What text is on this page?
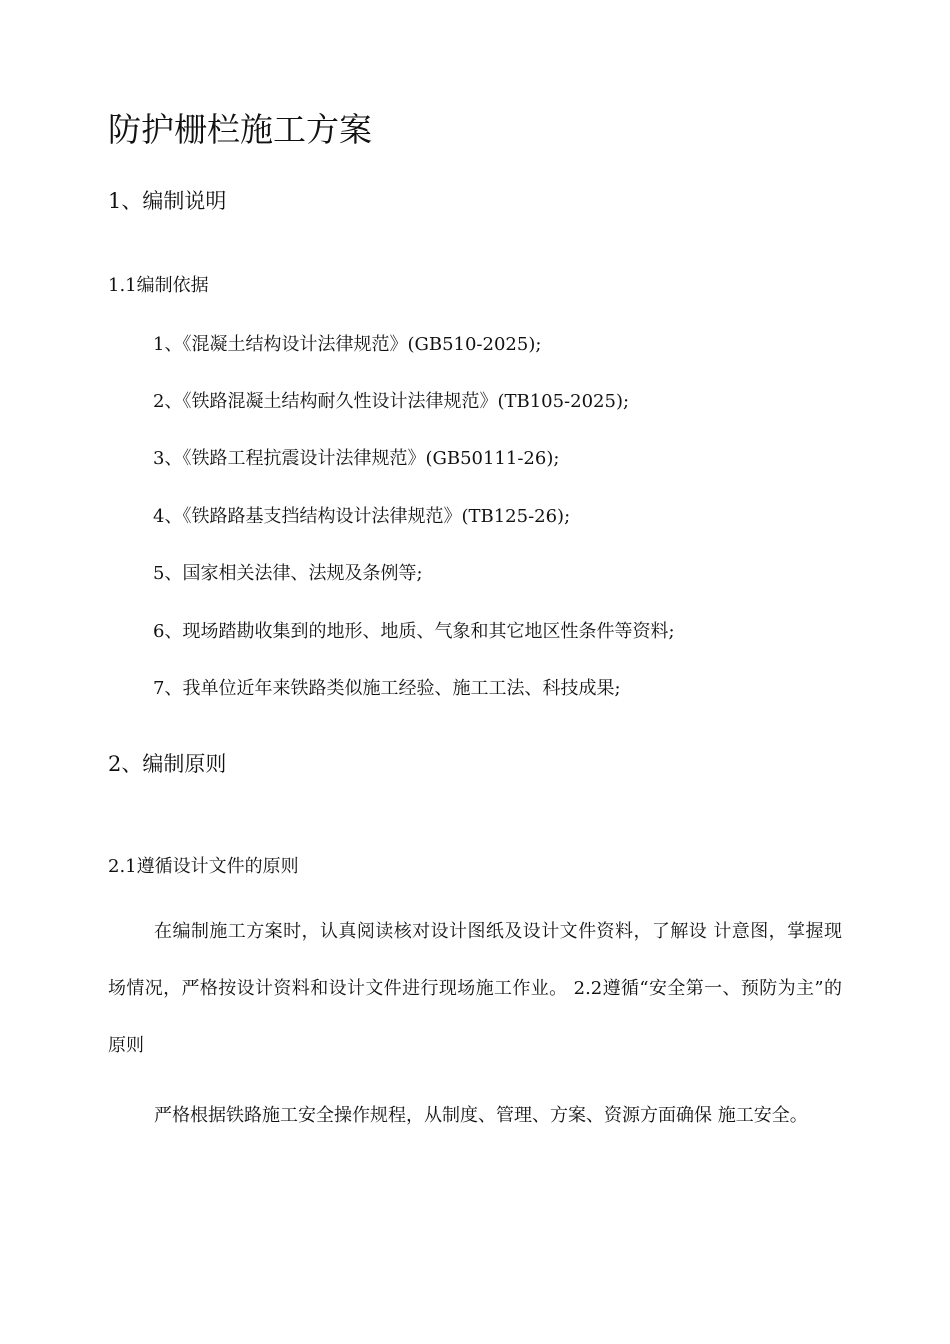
防护栅栏施工方案
1、编制说明
1.1编制依据
1、《混凝土结构设计法律规范》(GB510-2025);
2、《铁路混凝土结构耐久性设计法律规范》(TB105-2025);
3、《铁路工程抗震设计法律规范》(GB50111-26);
4、《铁路路基支挡结构设计法律规范》(TB125-26);
5、国家相关法律、法规及条例等;
6、现场踏勘收集到的地形、地质、气象和其它地区性条件等资料;
7、我单位近年来铁路类似施工经验、施工工法、科技成果;
2、编制原则
2.1遵循设计文件的原则

在编制施工方案时，认真阅读核对设计图纸及设计文件资料，了解设 计意图，掌握现场情况，严格按设计资料和设计文件进行现场施工作业。 2.2遵循“安全第一、预防为主”的原则

严格根据铁路施工安全操作规程，从制度、管理、方案、资源方面确保 施工安全。
